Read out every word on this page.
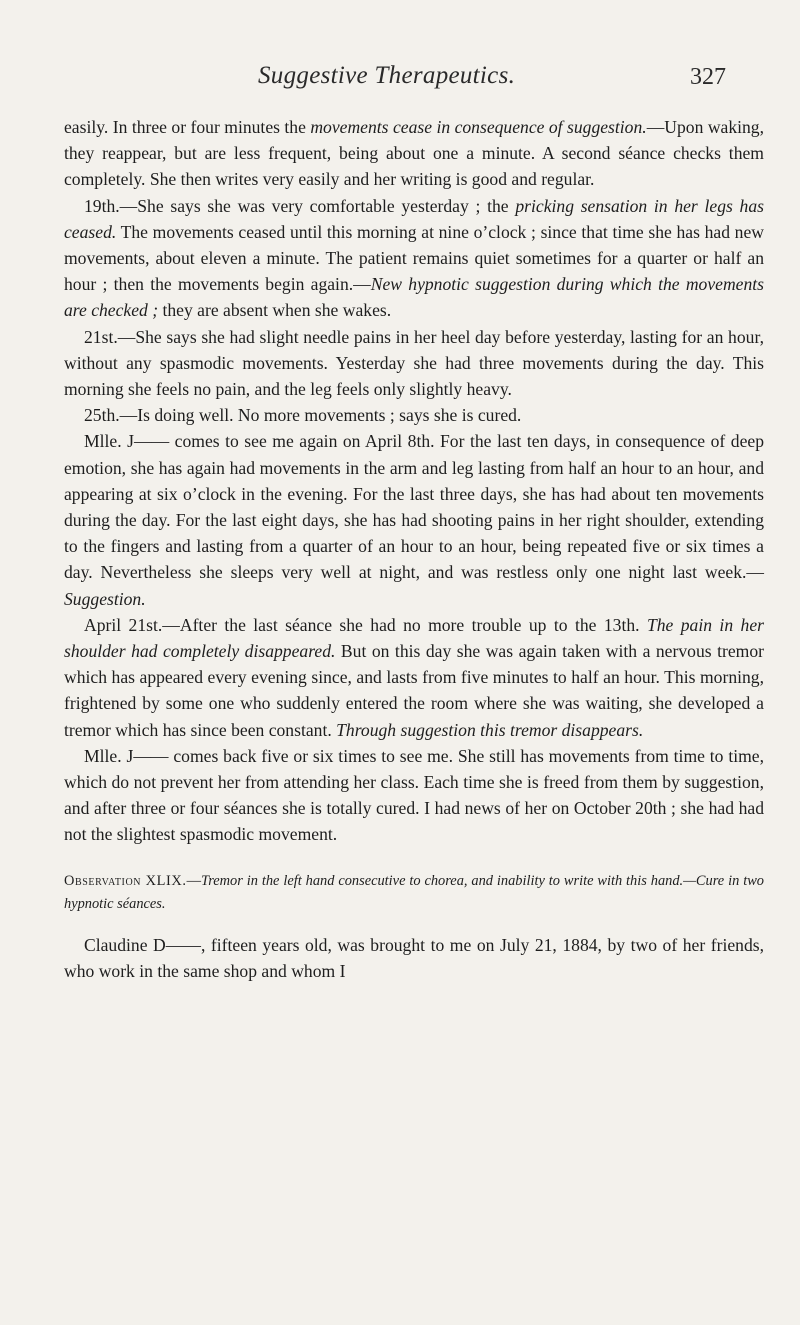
Suggestive Therapeutics.	327

easily. In three or four minutes the movements cease in consequence of suggestion.—Upon waking, they reappear, but are less frequent, being about one a minute. A second séance checks them completely. She then writes very easily and her writing is good and regular.

19th.—She says she was very comfortable yesterday ; the pricking sensation in her legs has ceased. The movements ceased until this morning at nine o’clock ; since that time she has had new movements, about eleven a minute. The patient remains quiet sometimes for a quarter or half an hour ; then the movements begin again.—New hypnotic suggestion during which the movements are checked ; they are absent when she wakes.

21st.—She says she had slight needle pains in her heel day before yesterday, lasting for an hour, without any spasmodic movements. Yesterday she had three movements during the day. This morning she feels no pain, and the leg feels only slightly heavy.

25th.—Is doing well. No more movements ; says she is cured.

Mlle. J—— comes to see me again on April 8th. For the last ten days, in consequence of deep emotion, she has again had movements in the arm and leg lasting from half an hour to an hour, and appearing at six o’clock in the evening. For the last three days, she has had about ten movements during the day. For the last eight days, she has had shooting pains in her right shoulder, extending to the fingers and lasting from a quarter of an hour to an hour, being repeated five or six times a day. Nevertheless she sleeps very well at night, and was restless only one night last week.—Suggestion.

April 21st.—After the last séance she had no more trouble up to the 13th. The pain in her shoulder had completely disappeared. But on this day she was again taken with a nervous tremor which has appeared every evening since, and lasts from five minutes to half an hour. This morning, frightened by some one who suddenly entered the room where she was waiting, she developed a tremor which has since been constant. Through suggestion this tremor disappears.

Mlle. J—— comes back five or six times to see me. She still has movements from time to time, which do not prevent her from attending her class. Each time she is freed from them by suggestion, and after three or four séances she is totally cured. I had news of her on October 20th ; she had had not the slightest spasmodic movement.

Observation XLIX.—Tremor in the left hand consecutive to chorea, and inability to write with this hand.—Cure in two hypnotic séances.

Claudine D——, fifteen years old, was brought to me on July 21, 1884, by two of her friends, who work in the same shop and whom I
